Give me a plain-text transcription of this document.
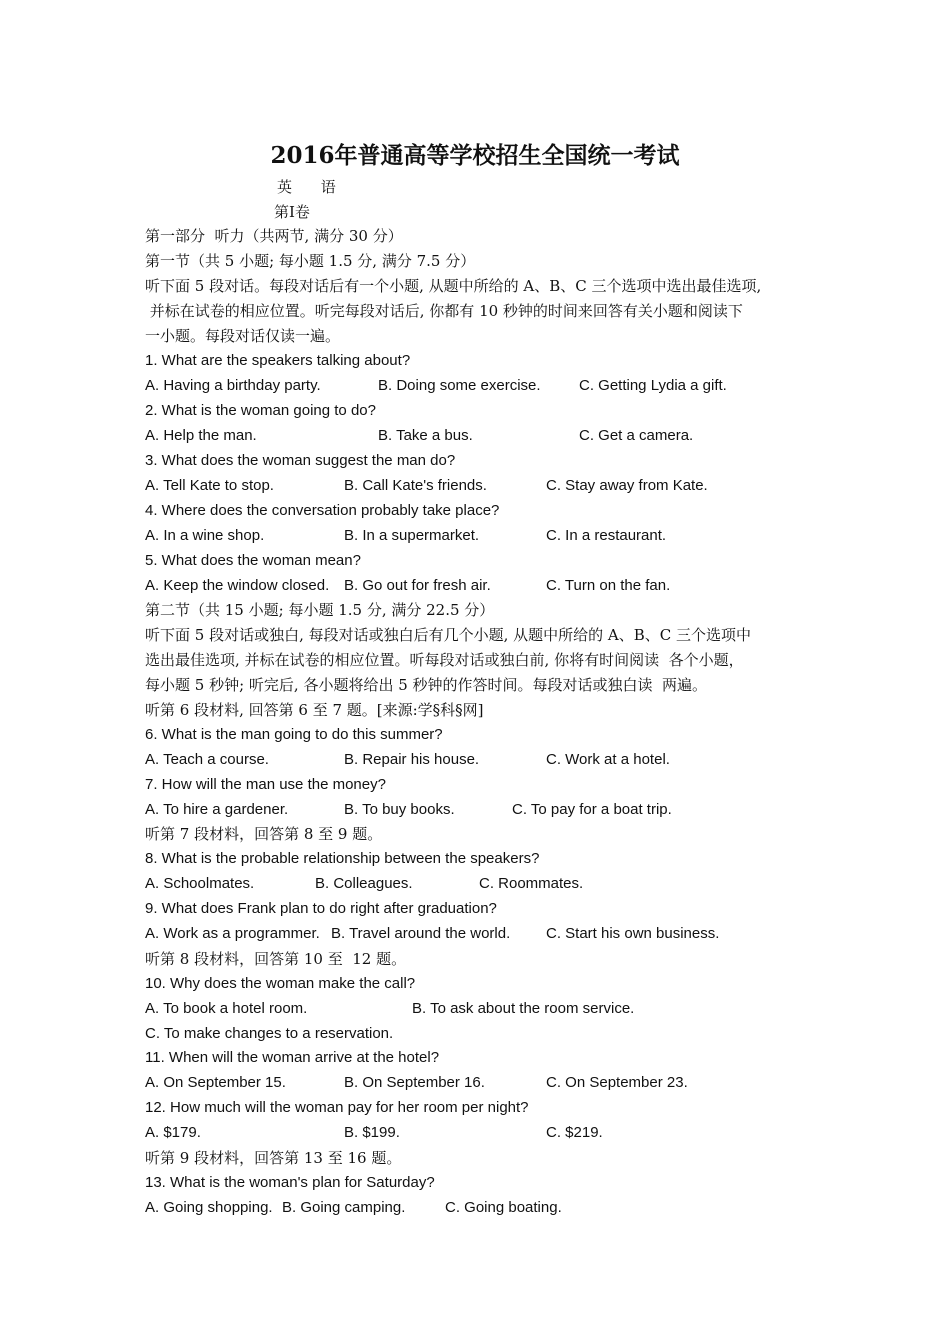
2016年普通高等学校招生全国统一考试
英 语
第Ⅰ卷
第一部分  听力（共两节, 满分 30 分）
第一节（共 5 小题; 每小题 1.5 分, 满分 7.5 分）
听下面 5 段对话。每段对话后有一个小题, 从题中所给的 A、B、C 三个选项中选出最佳选项,
并标在试卷的相应位置。听完每段对话后, 你都有 10 秒钟的时间来回答有关小题和阅读下
一小题。每段对话仅读一遍。
1. What are the speakers talking about?
A. Having a birthday party.	B. Doing some exercise.	C. Getting Lydia a gift.
2. What is the woman going to do?
A. Help the man.	B. Take a bus.	C. Get a camera.
3. What does the woman suggest the man do?
A. Tell Kate to stop.	B. Call Kate's friends.	C. Stay away from Kate.
4. Where does the conversation probably take place?
A. In a wine shop.	B. In a supermarket.	C. In a restaurant.
5. What does the woman mean?
A. Keep the window closed. B. Go out for fresh air.	C. Turn on the fan.
第二节（共 15 小题; 每小题 1.5 分, 满分 22.5 分）
听下面 5 段对话或独白, 每段对话或独白后有几个小题, 从题中所给的 A、B、C 三个选项中
选出最佳选项, 并标在试卷的相应位置。听每段对话或独白前, 你将有时间阅读  各个小题，
每小题 5 秒钟; 听完后, 各小题将给出 5 秒钟的作答时间。每段对话或独白读  两遍。
听第 6 段材料, 回答第 6 至 7 题。[来源:学§科§网]
6. What is the man going to do this summer?
A. Teach a course.	B. Repair his house.	C. Work at a hotel.
7. How will the man use the money?
A. To hire a gardener.	B. To buy books.	C. To pay for a boat trip.
听第 7 段材料，回答第 8 至 9 题。
8. What is the probable relationship between the speakers?
A. Schoolmates.	B. Colleagues.	C. Roommates.
9. What does Frank plan to do right after graduation?
A. Work as a programmer. B. Travel around the world. C. Start his own business.
听第 8 段材料，回答第 10 至  12 题。
10. Why does the woman make the call?
A. To book a hotel room.	B. To ask about the room service.
C. To make changes to a reservation.
11. When will the woman arrive at the hotel?
A. On September 15.	B. On September 16.	C. On September 23.
12. How much will the woman pay for her room per night?
A. $179.	B. $199.	C. $219.
听第 9 段材料，回答第 13 至 16 题。
13. What is the woman's plan for Saturday?
A. Going shopping. B. Going camping.	C. Going boating.
